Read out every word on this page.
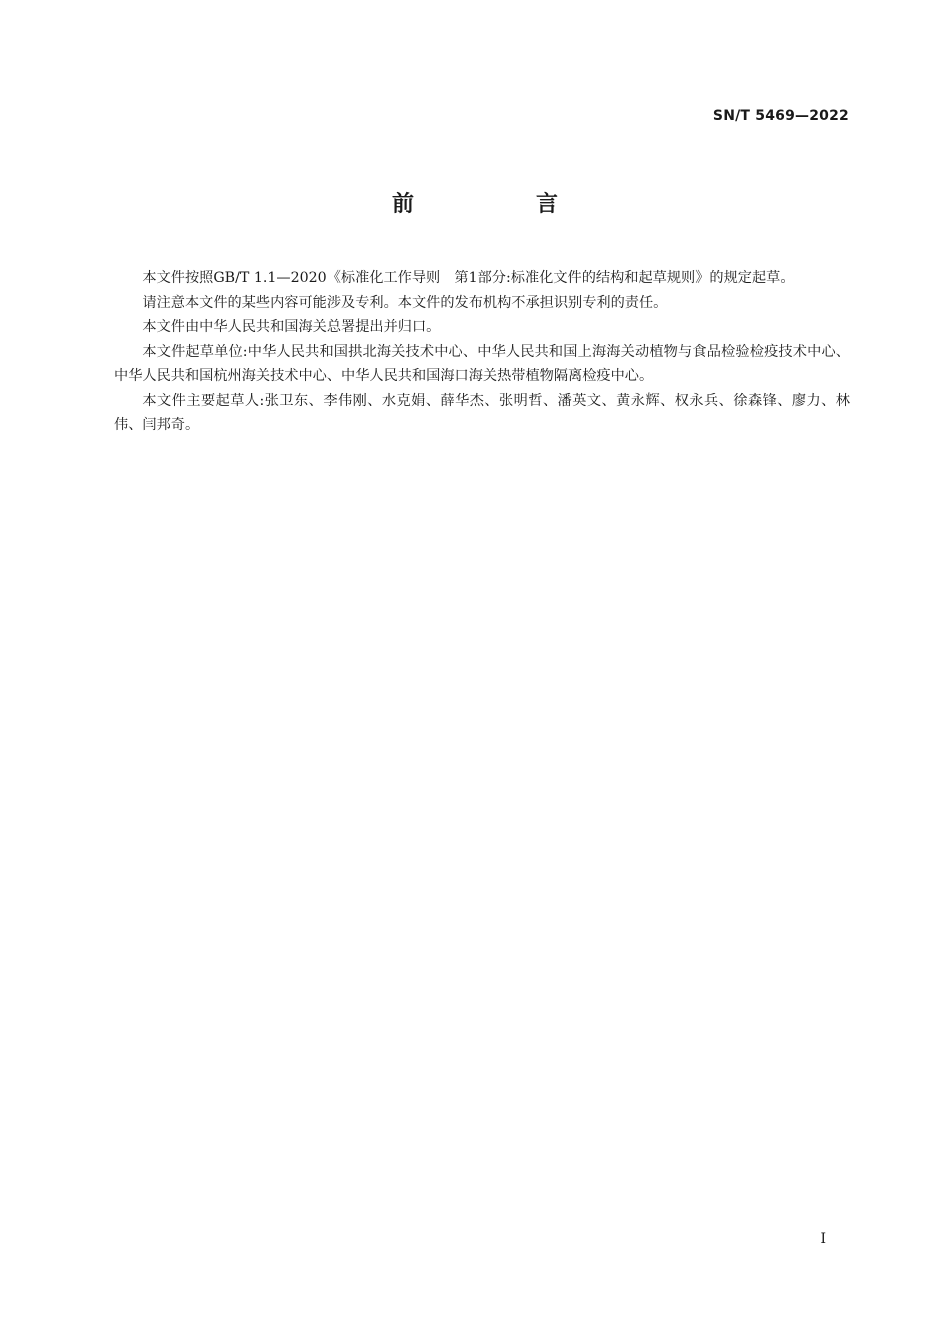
SN/T 5469—2022
前　言

本文件按照GB/T 1.1—2020《标准化工作导则　第1部分:标准化文件的结构和起草规则》的规定起草。

请注意本文件的某些内容可能涉及专利。本文件的发布机构不承担识别专利的责任。

本文件由中华人民共和国海关总署提出并归口。

本文件起草单位:中华人民共和国拱北海关技术中心、中华人民共和国上海海关动植物与食品检验检疫技术中心、中华人民共和国杭州海关技术中心、中华人民共和国海口海关热带植物隔离检疫中心。

本文件主要起草人:张卫东、李伟刚、水克娟、薛华杰、张明哲、潘英文、黄永辉、权永兵、徐森锋、廖力、林伟、闫邦奇。

I
